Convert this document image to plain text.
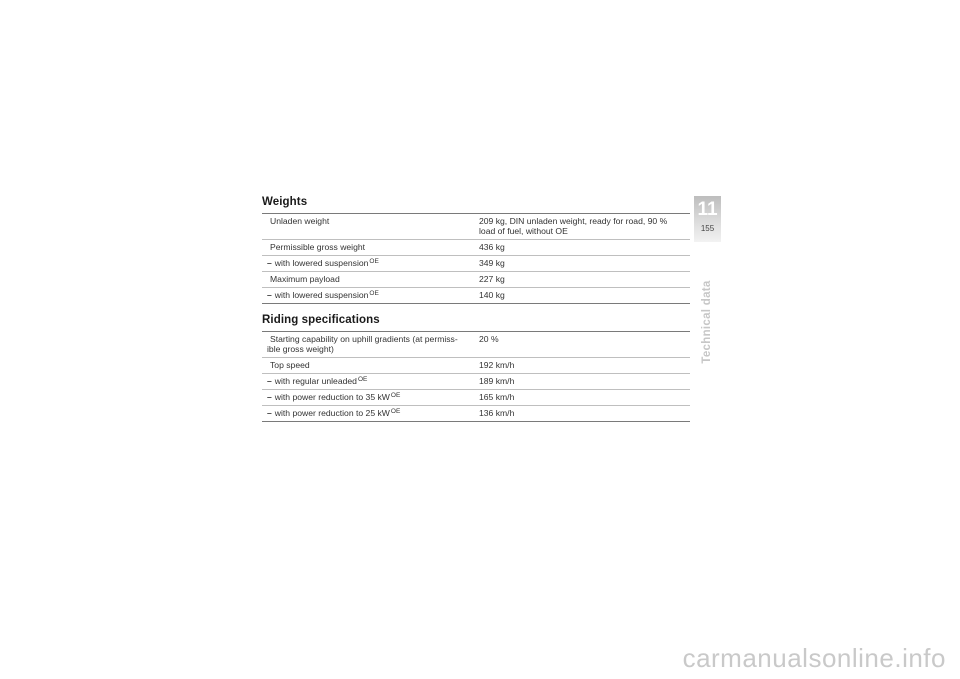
Weights
Unladen weight	209 kg, DIN unladen weight, ready for road, 90 % load of fuel, without OE
Permissible gross weight	436 kg
– with lowered suspension$^{OE}$	349 kg
Maximum payload	227 kg
– with lowered suspension$^{OE}$	140 kg
Riding specifications
Starting capability on uphill gradients (at permiss-ible gross weight)	20 %
Top speed	192 km/h
– with regular unleaded$^{OE}$	189 km/h
– with power reduction to 35 $kW^{OE}$	165 km/h
– with power reduction to 25 $kW^{OE}$	136 km/h
11
155
Technical data
carmanualsonline.info
